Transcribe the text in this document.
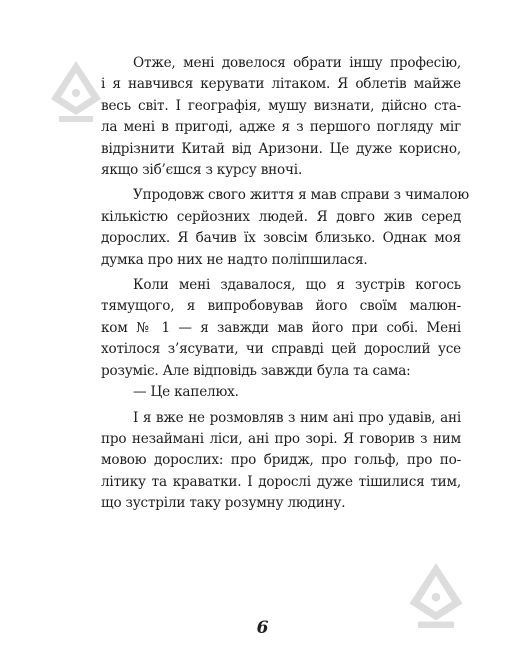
Отже, мені довелося обрати іншу професію,
і я навчився керувати літаком. Я облетів майже
весь світ. І географія, мушу визнати, дійсно ста-
ла мені в пригоді, адже я з першого погляду міг
відрізнити Китай від Аризони. Це дуже корисно,
якщо зіб’єшся з курсу вночі.

Упродовж свого життя я мав справи з чималою
кількістю серйозних людей. Я довго жив серед
дорослих. Я бачив їх зовсім близько. Однак моя
думка про них не надто поліпшилася.

Коли мені здавалося, що я зустрів когось
тямущого, я випробовував його своїм малюн-
ком № 1 — я завжди мав його при собі. Мені
хотілося з’ясувати, чи справді цей дорослий усе
розуміє. Але відповідь завжди була та сама:
— Це капелюх.

І я вже не розмовляв з ним ані про удавів, ані
про незаймані ліси, ані про зорі. Я говорив з ним
мовою дорослих: про бридж, про гольф, про по-
літику та краватки. І дорослі дуже тішилися тим,
що зустріли таку розумну людину.

6
